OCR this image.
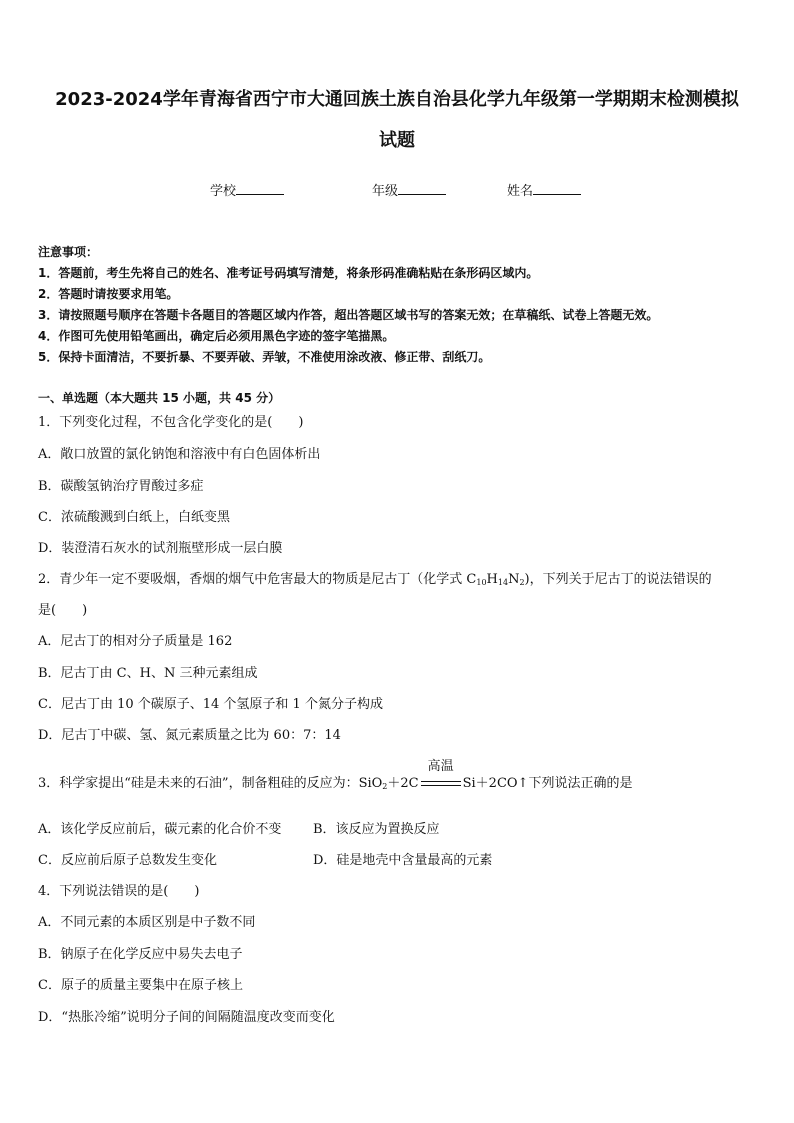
2023-2024学年青海省西宁市大通回族土族自治县化学九年级第一学期期末检测模拟
试题
学校	年级	姓名
注意事项：
1．答题前，考生先将自己的姓名、准考证号码填写清楚，将条形码准确粘贴在条形码区域内。
2．答题时请按要求用笔。
3．请按照题号顺序在答题卡各题目的答题区域内作答，超出答题区域书写的答案无效；在草稿纸、试卷上答题无效。
4．作图可先使用铅笔画出，确定后必须用黑色字迹的签字笔描黑。
5．保持卡面清洁，不要折暴、不要弄破、弄皱，不准使用涂改液、修正带、刮纸刀。
一、单选题（本大题共 15 小题，共 45 分）
1．下列变化过程，不包含化学变化的是(　　)
A．敞口放置的氯化钠饱和溶液中有白色固体析出
B．碳酸氢钠治疗胃酸过多症
C．浓硫酸溅到白纸上，白纸变黑
D．装澄清石灰水的试剂瓶壁形成一层白膜
2．青少年一定不要吸烟，香烟的烟气中危害最大的物质是尼古丁（化学式 $C_{10}H_{14}N_2$)，下列关于尼古丁的说法错误的
是(　　)
A．尼古丁的相对分子质量是 162
B．尼古丁由 C、H、N 三种元素组成
C．尼古丁由 10 个碳原子、14 个氢原子和 1 个氮分子构成
D．尼古丁中碳、氢、氮元素质量之比为 60：7：14
3．科学家提出“硅是未来的石油”，制备粗硅的反应为：SiO$_2$＋2C
高温
Si＋2CO↑下列说法正确的是
A．该化学反应前后，碳元素的化合价不变 B．该反应为置换反应
C．反应前后原子总数发生变化	D．硅是地壳中含量最高的元素
4．下列说法错误的是(　　)
A．不同元素的本质区别是中子数不同
B．钠原子在化学反应中易失去电子
C．原子的质量主要集中在原子核上
D．“热胀冷缩”说明分子间的间隔随温度改变而变化
